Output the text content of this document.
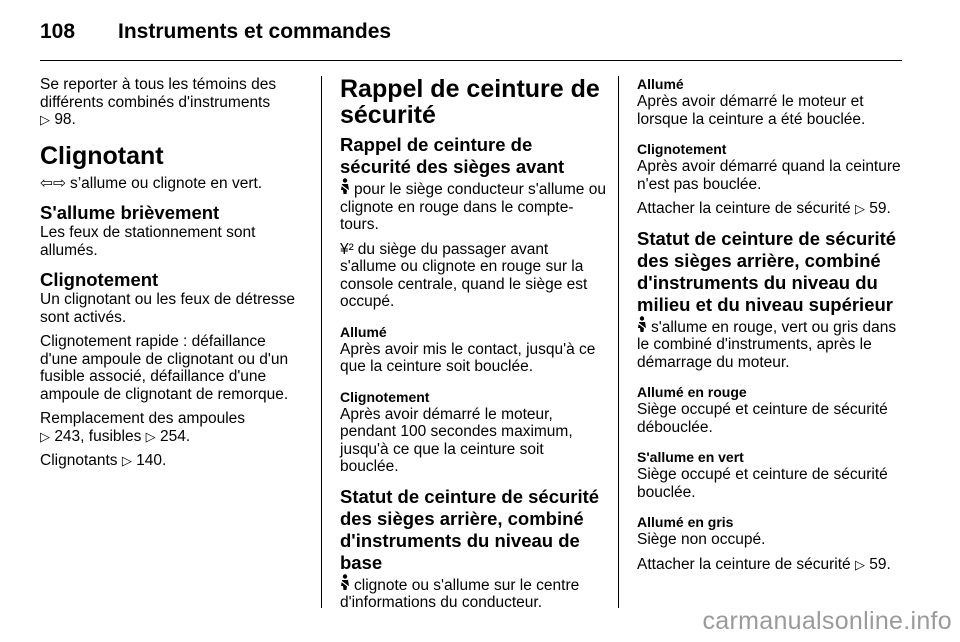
108 Instruments et commandes

Se reporter à tous les témoins des différents combinés d'instruments
▷ 98.

Clignotant

⇦⇨ s’allume ou clignote en vert.

S'allume brièvement

Les feux de stationnement sont allumés.

Clignotement

Un clignotant ou les feux de détresse sont activés.

Clignotement rapide : défaillance d'une ampoule de clignotant ou d'un fusible associé, défaillance d'une ampoule de clignotant de remorque.

Remplacement des ampoules
▷ 243, fusibles ▷ 254.

Clignotants ▷ 140.

Rappel de ceinture de sécurité
Rappel de ceinture de sécurité des sièges avant

pour le siège conducteur s'allume ou clignote en rouge dans le compte-tours.

¥² du siège du passager avant s'allume ou clignote en rouge sur la console centrale, quand le siège est occupé.

Allumé

Après avoir mis le contact, jusqu'à ce que la ceinture soit bouclée.

Clignotement

Après avoir démarré le moteur, pendant 100 secondes maximum, jusqu'à ce que la ceinture soit bouclée.

Statut de ceinture de sécurité des sièges arrière, combiné d'instruments du niveau de base

clignote ou s'allume sur le centre d'informations du conducteur.

Allumé

Après avoir démarré le moteur et lorsque la ceinture a été bouclée.

Clignotement

Après avoir démarré quand la ceinture n'est pas bouclée.

Attacher la ceinture de sécurité ▷ 59.

Statut de ceinture de sécurité des sièges arrière, combiné d'instruments du niveau du milieu et du niveau supérieur

s'allume en rouge, vert ou gris dans le combiné d'instruments, après le démarrage du moteur.

Allumé en rouge

Siège occupé et ceinture de sécurité débouclée.

S'allume en vert

Siège occupé et ceinture de sécurité bouclée.

Allumé en gris

Siège non occupé.

Attacher la ceinture de sécurité ▷ 59.

carmanualsonline.info
